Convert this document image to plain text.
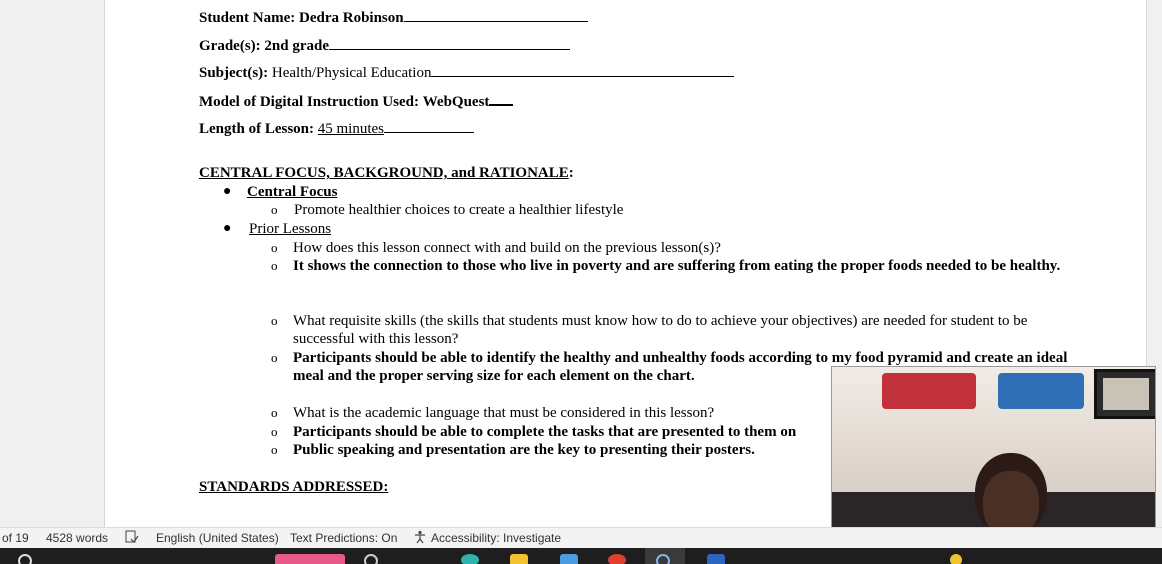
Student Name: Dedra Robinson
Grade(s): 2nd grade
Subject(s): Health/Physical Education
Model of Digital Instruction Used: WebQuest
Length of Lesson: 45 minutes
CENTRAL FOCUS, BACKGROUND, and RATIONALE:
● Central Focus
o Promote healthier choices to create a healthier lifestyle
● Prior Lessons
o How does this lesson connect with and build on the previous lesson(s)?
o It shows the connection to those who live in poverty and are suffering from eating the proper foods needed to be healthy.
o What requisite skills (the skills that students must know how to do to achieve your objectives) are needed for student to be successful with this lesson?
o Participants should be able to identify the healthy and unhealthy foods according to my food pyramid and create an ideal meal and the proper serving size for each element on the chart.
o What is the academic language that must be considered in this lesson?
o Participants should be able to complete the tasks that are presented to them on
o Public speaking and presentation are the key to presenting their posters.
STANDARDS ADDRESSED:
of 19 4528 words	English (United States) Text Predictions: On	Accessibility: Investigate
